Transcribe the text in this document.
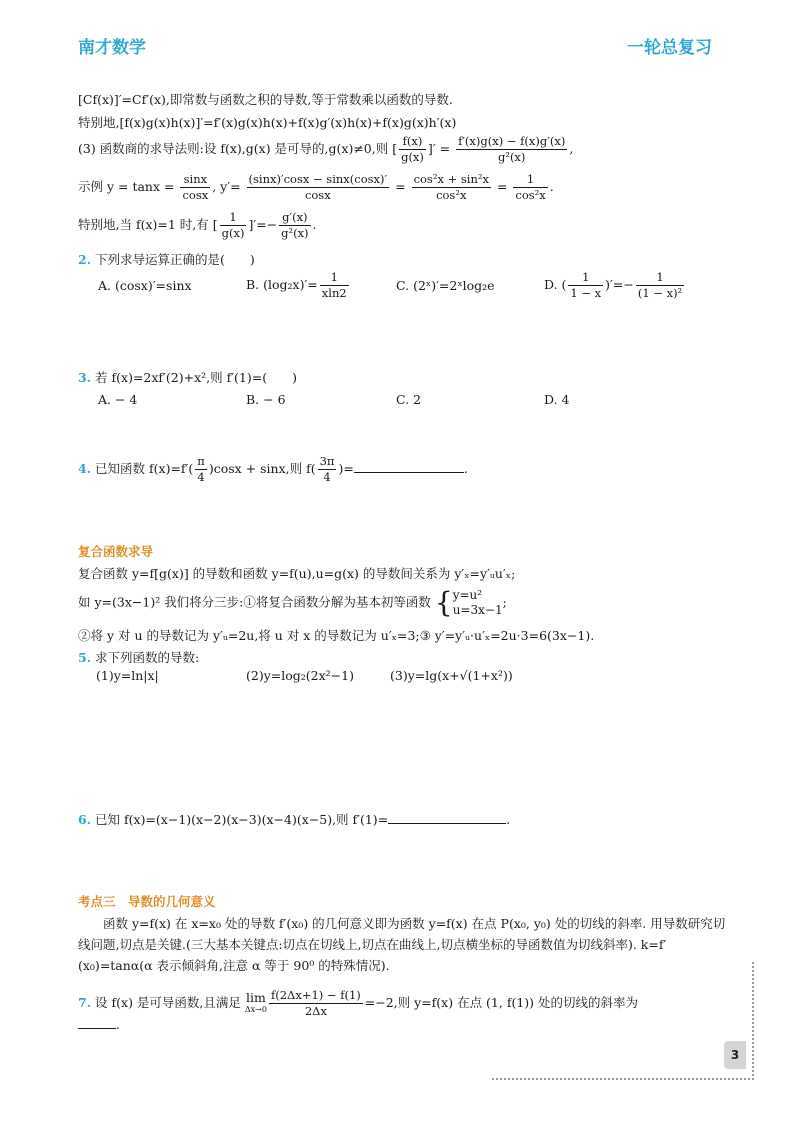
南才数学	一轮总复习
[Cf(x)]′=Cf′(x),即常数与函数之积的导数,等于常数乘以函数的导数.
特别地,[f(x)g(x)h(x)]′=f′(x)g(x)h(x)+f(x)g′(x)h(x)+f(x)g(x)h′(x)
(3) 函数商的求导法则:设 f(x),g(x) 是可导的,g(x)≠0,则 [ $\frac{f(x)}{g(x)}$ ]′ = $\frac{f'(x)g(x) - f(x)g'(x)}{\text{g²(x)}}$ ,
示例 $y = \tan x = \frac{\sin x}{\cos x}$ , $y'= \frac{(\sin x)'\cos x - \sin x(\cos x)'}{\cos x} = \frac{\text{cos²x + sin²x}}{\text{cos²x}} = \frac{1}{\text{cos²x}}$ .
特别地,当 f(x)=1 时,有 [ $\frac{1}{g(x)}$ ]′=− $\frac{g'(x)}{\text{g²(x)}}$ .
2. 下列求导运算正确的是(　　)
A. (cosx)′=sinx	B. $(\log_2x)'= \frac{1}{xln2}$	C. (2ˣ)′=2ˣlog₂e	D. ( $\frac{1}{1 - x}$ )′=− $\frac{1}{\text{(1 − x)²}}$
3. 若 f(x)=2xf′(2)+x²,则 f′(1)=(　　)
A. − 4	B. − 6	C. 2	D. 4
4. 已知函数 $f(x)=f'( \frac{\pi}{4} )\cos x + \sin x$,则 $f( \frac{3\pi}{4}$ )=	.
复合函数求导
复合函数 y=f[g(x)] 的导数和函数 y=f(u),u=g(x) 的导数间关系为 y′ₓ=y′ᵤu′ₓ;
如 y=(3x−1)² 我们将分三步:①将复合函数分解为基本初等函数 { y=u²
u=3x−1
;
②将 y 对 u 的导数记为 y′ᵤ=2u,将 u 对 x 的导数记为 u′ₓ=3;③ y′=y′ᵤ·u′ₓ=2u·3=6(3x−1).
5. 求下列函数的导数:
(1)y=ln|x|	(2)y=log₂(2x²−1)	(3)y=lg(x+√(1+x²))
6. 已知 f(x)=(x−1)(x−2)(x−3)(x−4)(x−5),则 f′(1)=	.
考点三　导数的几何意义
　　函数 y=f(x) 在 x=x₀ 处的导数 f′(x₀) 的几何意义即为函数 y=f(x) 在点 P(x₀, y₀) 处的切线的斜率. 用导数研究切线问题,切点是关键.(三大基本关键点:切点在切线上,切点在曲线上,切点横坐标的导函数值为切线斜率). k=f′(x₀)=tanα(α 表示倾斜角,注意 α 等于 90⁰ 的特殊情况).
7. 设 f(x) 是可导函数,且满足 lim
$\Delta x\to 0 \frac{f(2\Delta x+1) - f(1)}{2\Delta x} =-2$,则 y=f(x) 在点 (1, f(1)) 处的切线的斜率为
.
3
